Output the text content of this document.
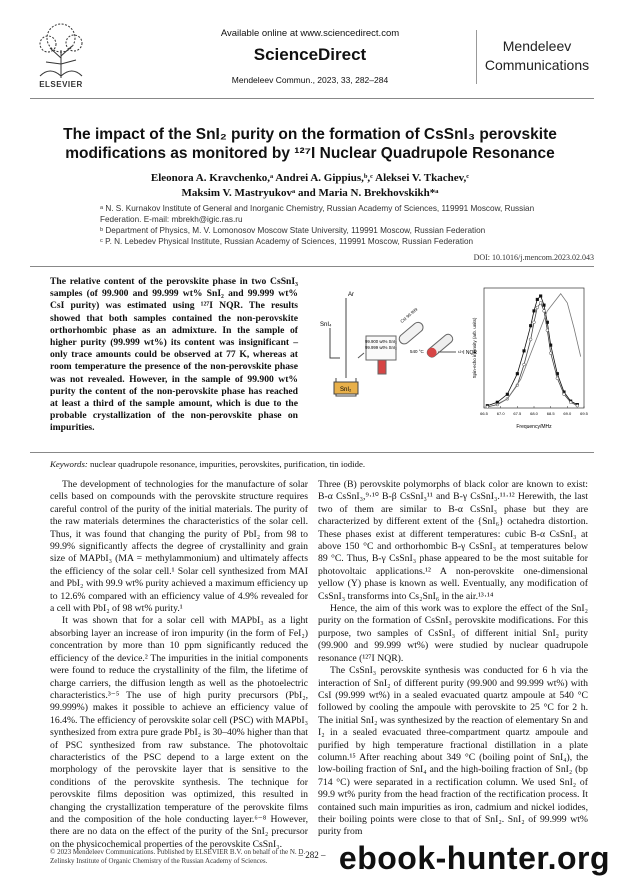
ELSEVIER
Available online at www.sciencedirect.com
ScienceDirect
Mendeleev Commun., 2023, 33, 282–284
Mendeleev
Communications
The impact of the SnI₂ purity on the formation of CsSnI₃ perovskite modifications as monitored by ¹²⁷I Nuclear Quadrupole Resonance
Eleonora A. Kravchenko,ᵃ Andrei A. Gippius,ᵇ,ᶜ Aleksei V. Tkachev,ᶜ
Maksim V. Mastryukovᵃ and Maria N. Brekhovskikh*ᵃ
ᵃ N. S. Kurnakov Institute of General and Inorganic Chemistry, Russian Academy of Sciences, 119991 Moscow, Russian Federation. E-mail: mbrekh@igic.ras.ru
ᵇ Department of Physics, M. V. Lomonosov Moscow State University, 119991 Moscow, Russian Federation
ᶜ P. N. Lebedev Physical Institute, Russian Academy of Sciences, 119991 Moscow, Russian Federation
DOI: 10.1016/j.mencom.2023.02.043
The relative content of the perovskite phase in two CsSnI₃ samples (of 99.900 and 99.999 wt% SnI₂ and 99.999 wt% CsI purity) was estimated using ¹²⁷I NQR. The results showed that both samples contained the non-perovskite orthorhombic phase as an admixture. In the sample of higher purity (99.999 wt%) its content was insignificant – only trace amounts could be observed at 77 K, whereas at room temperature the presence of the non-perovskite phase was not revealed. However, in the sample of 99.900 wt% purity the content of the non-perovskite phase has reached at least a third of the sample amount, which is due to the probable crystallization of the non-perovskite phase on impurities.
SnI₂
Ar
SnI₄
99.900 wt% SnI₂
99.999 wt% SnI₂
CsI 99.999
540 °C	¹²⁷I NQR
66.5 67.0 67.5 68.0 68.5 69.0 69.5
Frequency/MHz
Spin-echo intensity (arb. units)
Keywords: nuclear quadrupole resonance, impurities, perovskites, purification, tin iodide.

The development of technologies for the manufacture of solar cells based on compounds with the perovskite structure requires careful control of the purity of the initial materials. The purity of the raw materials determines the characteristics of the solar cell. Thus, it was found that changing the purity of PbI₂ from 98 to 99.9% significantly affects the degree of crystallinity and grain size of MAPbI₃ (MA = methylammonium) and ultimately affects the efficiency of the solar cell.¹ Solar cell synthesized from MAI and PbI₂ with 99.9 wt% purity achieved a maximum efficiency up to 12.6% compared with an efficiency value of 4.9% revealed for a cell with PbI₂ of 98 wt% purity.¹

It was shown that for a solar cell with MAPbI₃ as a light absorbing layer an increase of iron impurity (in the form of FeI₂) concentration by more than 10 ppm significantly reduced the efficiency of the device.² The impurities in the initial components were found to reduce the crystallinity of the film, the lifetime of charge carriers, the diffusion length as well as the photoelectric characteristics.³⁻⁵ The use of high purity precursors (PbI₂, 99.999%) makes it possible to achieve an efficiency value of 16.4%. The efficiency of perovskite solar cell (PSC) with MAPbI₃ synthesized from extra pure grade PbI₂ is 30–40% higher than that of PSC synthesized from raw substance. The photovoltaic characteristics of the PSC depend to a large extent on the morphology of the perovskite layer that is sensitive to the conditions of the perovskite synthesis. The technique for perovskite films deposition was optimized, this resulted in changing the crystallization temperature of the perovskite films and the composition of the hole conducting layer.⁶⁻⁸ However, there are no data on the effect of the purity of the SnI₂ precursor on the physicochemical properties of the perovskite CsSnI₃.

Three (B) perovskite polymorphs of black color are known to exist: B-α CsSnI₃,⁹·¹⁰ B-β CsSnI₃¹¹ and B-γ CsSnI₃.¹¹·¹² Herewith, the last two of them are similar to B-α CsSnI₃ phase but they are characterized by different extent of the {SnI₆} octahedra distortion. These phases exist at different temperatures: cubic B-α CsSnI₃ at above 150 °C and orthorhombic B-γ CsSnI₃ at temperatures below 89 °C. Thus, B-γ CsSnI₃ phase appeared to be the most suitable for photovoltaic applications.¹² A non-perovskite one-dimensional yellow (Y) phase is known as well. Eventually, any modification of CsSnI₃ transforms into Cs₂SnI₆ in the air.¹³·¹⁴

Hence, the aim of this work was to explore the effect of the SnI₂ purity on the formation of CsSnI₃ perovskite modifications. For this purpose, two samples of CsSnI₃ of different initial SnI₂ purity (99.900 and 99.999 wt%) were studied by nuclear quadrupole resonance (¹²⁷I NQR).

The CsSnI₃ perovskite synthesis was conducted for 6 h via the interaction of SnI₂ of different purity (99.900 and 99.999 wt%) with CsI (99.999 wt%) in a sealed evacuated quartz ampoule at 540 °C followed by cooling the ampoule with perovskite to 25 °C for 2 h. The initial SnI₂ was synthesized by the reaction of elementary Sn and I₂ in a sealed evacuated three-compartment quartz ampoule and purified by high temperature fractional distillation in a plate column.¹⁵ After reaching about 349 °C (boiling point of SnI₄), the low-boiling fraction of SnI₄ and the high-boiling fraction of SnI₂ (bp 714 °C) were separated in a rectification column. We used SnI₂ of 99.9 wt% purity from the head fraction of the rectification process. It contained such main impurities as iron, cadmium and nickel iodides, their boiling points were close to that of SnI₂. SnI₂ of 99.999 wt% purity from

© 2023 Mendeleev Communications. Published by ELSEVIER B.V. on behalf of the N. D. Zelinsky Institute of Organic Chemistry of the Russian Academy of Sciences.
– 282 – ebook-hunter.org
